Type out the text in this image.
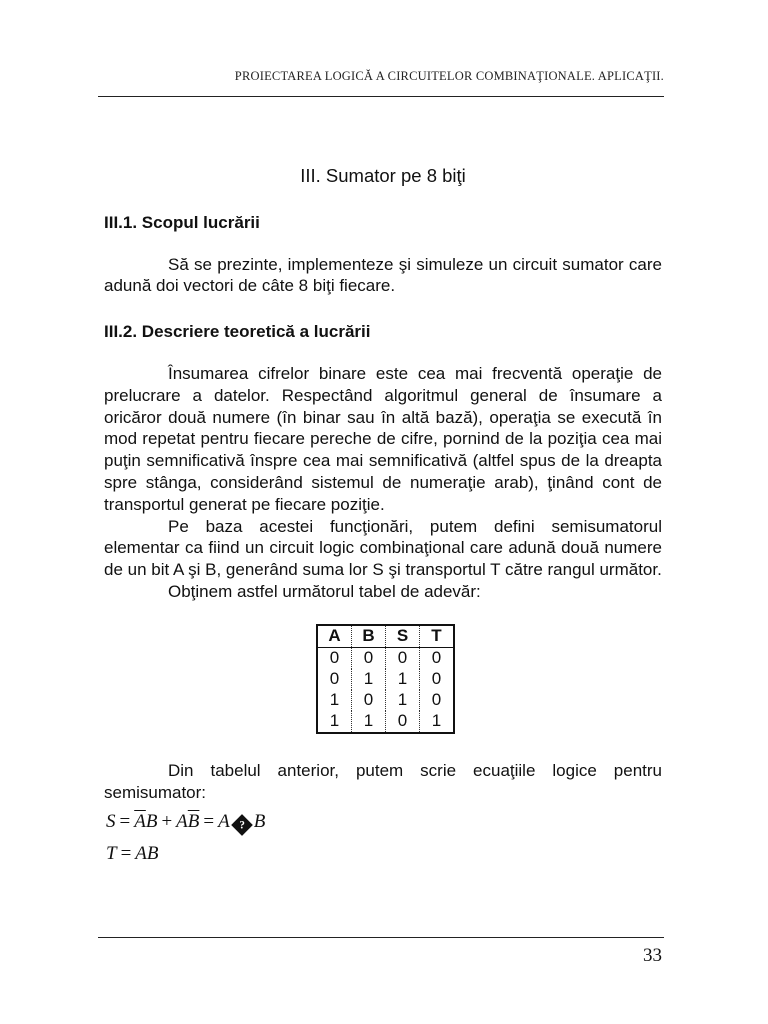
PROIECTAREA LOGICĂ A CIRCUITELOR COMBINAŢIONALE. APLICAŢII.
III. Sumator pe 8 biţi
III.1. Scopul lucrării

Să se prezinte, implementeze şi simuleze un circuit sumator care adună doi vectori de câte 8 biţi fiecare.

III.2. Descriere teoretică a lucrării

Însumarea cifrelor binare este cea mai frecventă operaţie de prelucrare a datelor. Respectând algoritmul general de însumare a oricăror două numere (în binar sau în altă bază), operaţia se execută în mod repetat pentru fiecare pereche de cifre, pornind de la poziţia cea mai puţin semnificativă înspre cea mai semnificativă (altfel spus de la dreapta spre stânga, considerând sistemul de numeraţie arab), ţinând cont de transportul generat pe fiecare poziţie.

Pe baza acestei funcţionări, putem defini semisumatorul elementar ca fiind un circuit logic combinaţional care adună două numere de un bit A şi B, generând suma lor S şi transportul T către rangul următor.

Obţinem astfel următorul tabel de adevăr:

A	B	S	T
0	0	0	0
0	1	1	0
1	0	1	0
1	1	0	1

Din tabelul anterior, putem scrie ecuaţiile logice pentru semisumator:

$S = \overline{A}B + A\overline{B} = A$ ? B
T = AB
33
